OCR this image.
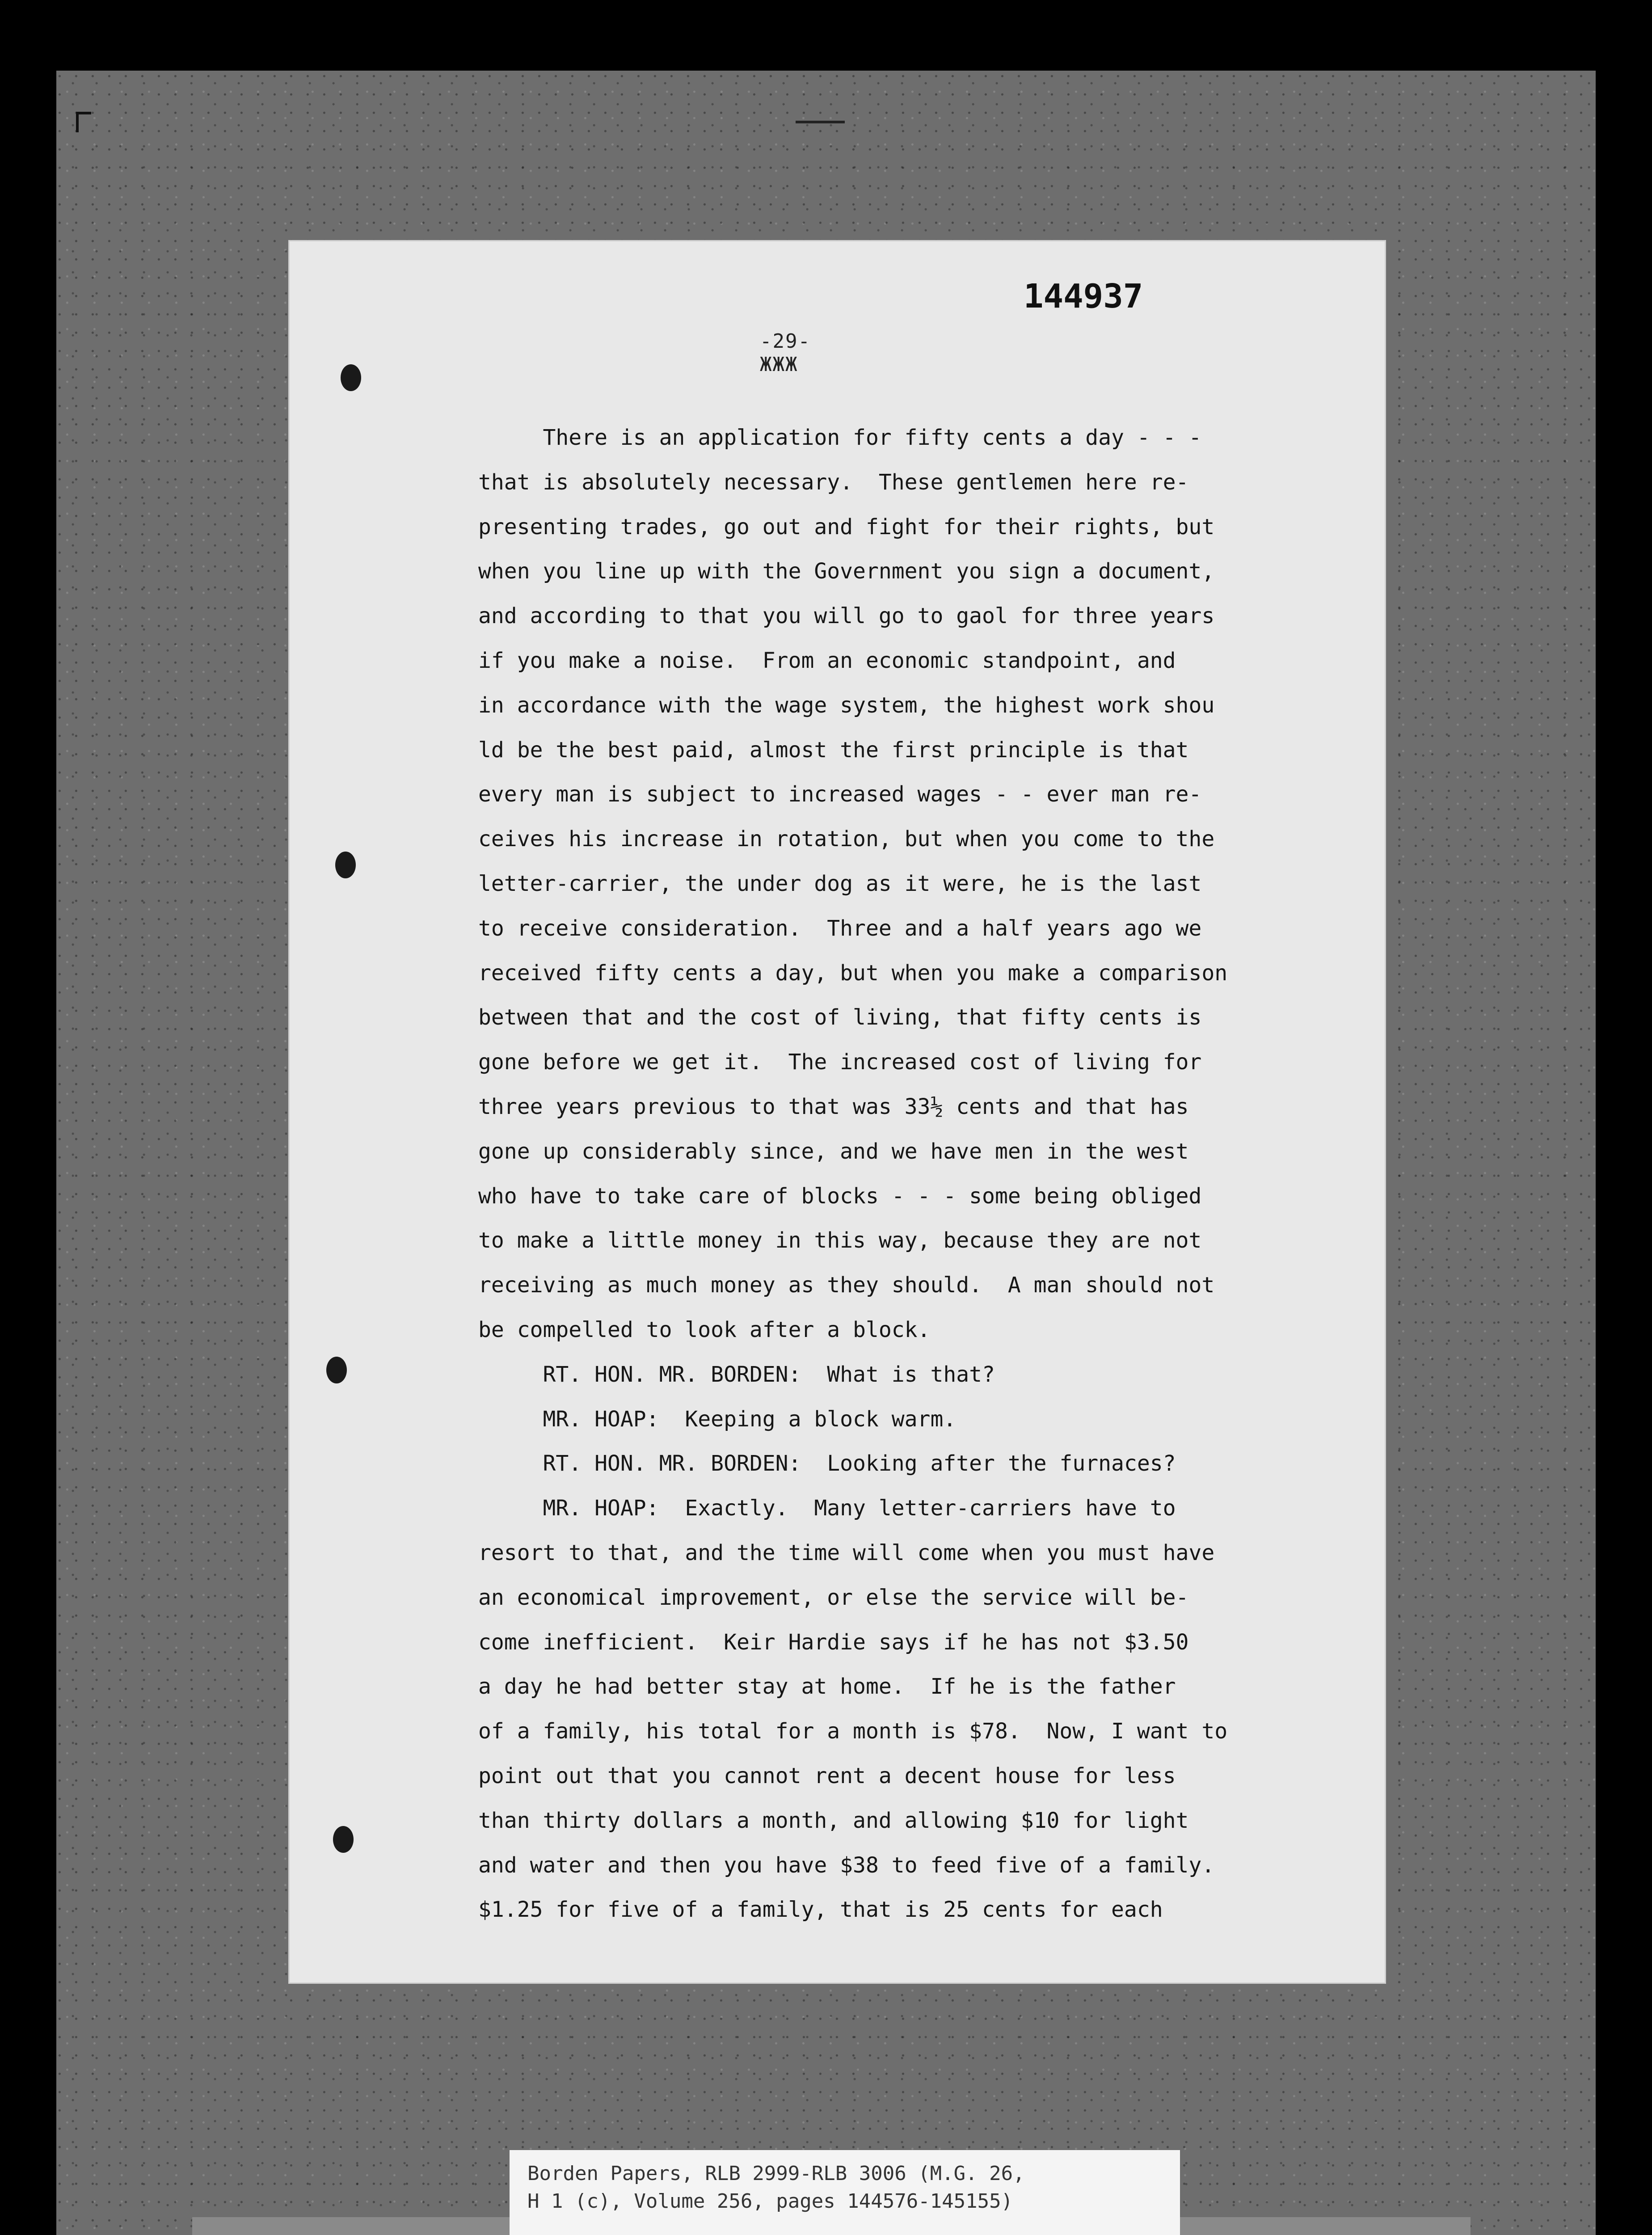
144937
-29-
ЖЖЖ
There is an application for fifty cents a day - - -
that is absolutely necessary.  These gentlemen here re-
presenting trades, go out and fight for their rights, but
when you line up with the Government you sign a document,
and according to that you will go to gaol for three years
if you make a noise.  From an economic standpoint, and
in accordance with the wage system, the highest work shou
ld be the best paid, almost the first principle is that
every man is subject to increased wages - - ever man re-
ceives his increase in rotation, but when you come to the
letter-carrier, the under dog as it were, he is the last
to receive consideration.  Three and a half years ago we
received fifty cents a day, but when you make a comparison
between that and the cost of living, that fifty cents is
gone before we get it.  The increased cost of living for
three years previous to that was 33½ cents and that has
gone up considerably since, and we have men in the west
who have to take care of blocks - - - some being obliged
to make a little money in this way, because they are not
receiving as much money as they should.  A man should not
be compelled to look after a block.
RT. HON. MR. BORDEN:  What is that?
MR. HOAP:  Keeping a block warm.
RT. HON. MR. BORDEN:  Looking after the furnaces?
MR. HOAP:  Exactly.  Many letter-carriers have to
resort to that, and the time will come when you must have
an economical improvement, or else the service will be-
come inefficient.  Keir Hardie says if he has not $3.50
a day he had better stay at home.  If he is the father
of a family, his total for a month is $78.  Now, I want to
point out that you cannot rent a decent house for less
than thirty dollars a month, and allowing $10 for light
and water and then you have $38 to feed five of a family.
$1.25 for five of a family, that is 25 cents for each
Borden Papers, RLB 2999-RLB 3006 (M.G. 26,
H 1 (c), Volume 256, pages 144576-145155)
